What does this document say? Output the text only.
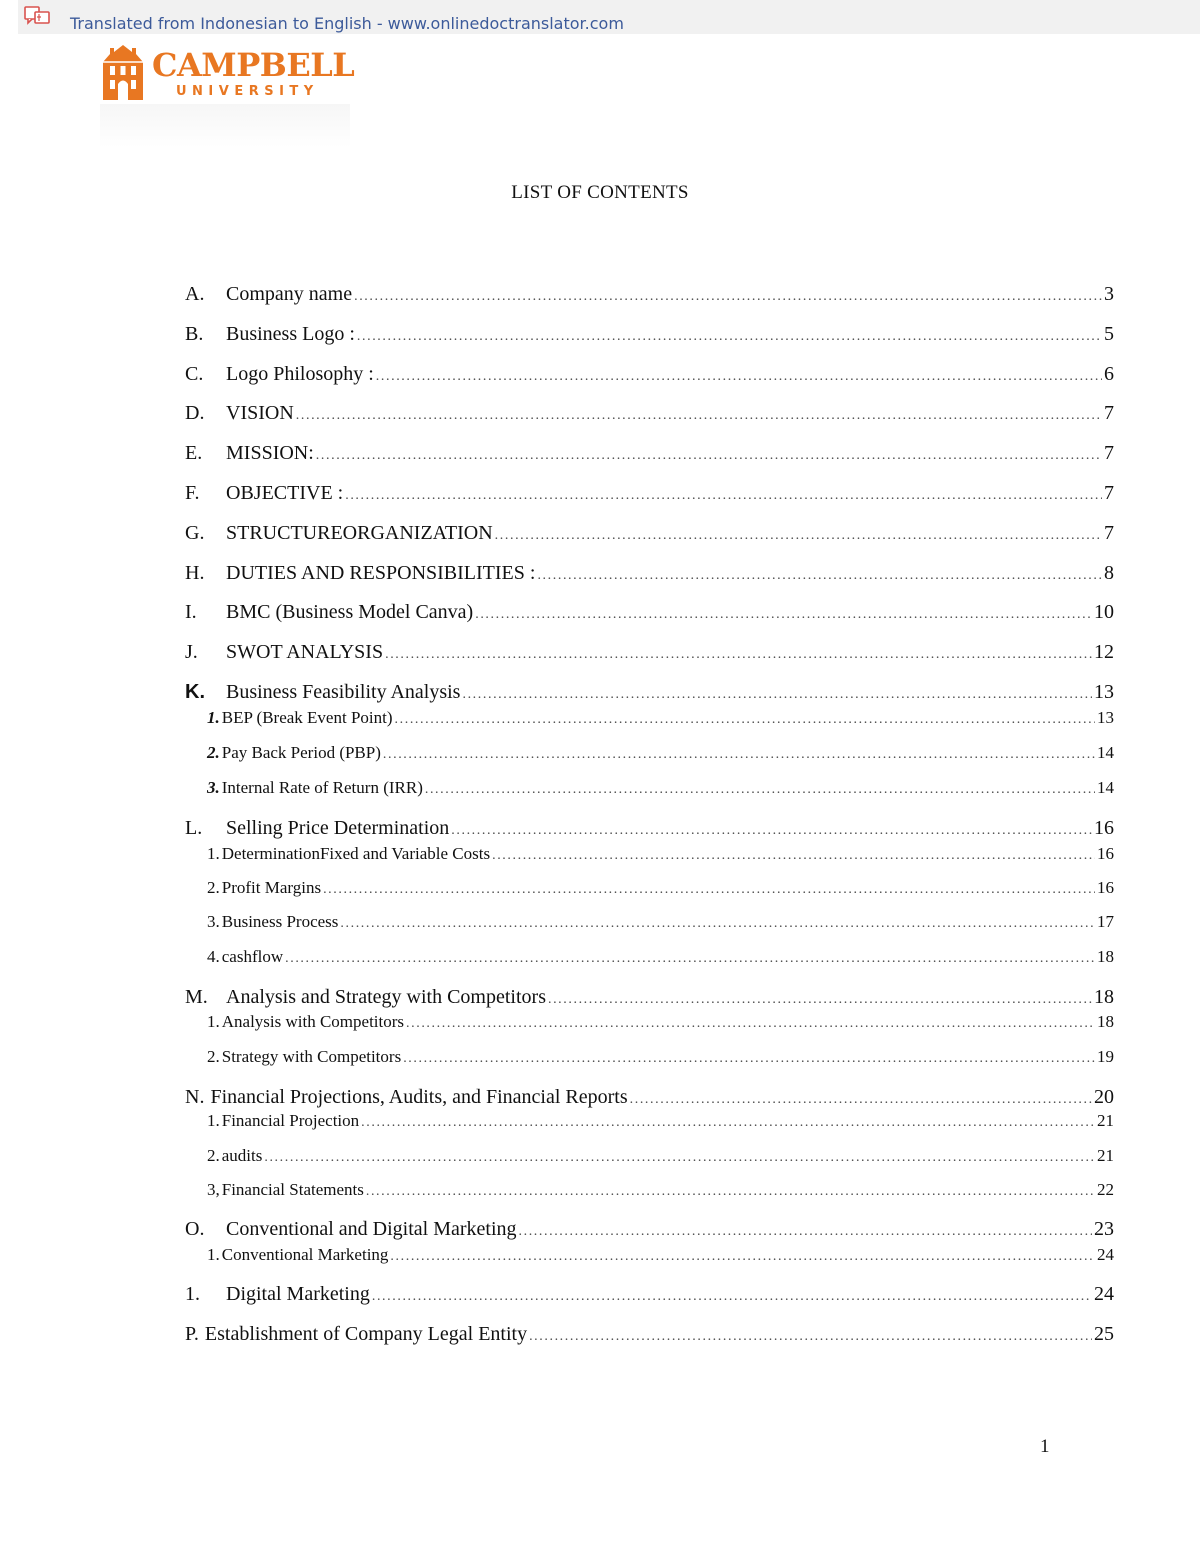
Translated from Indonesian to English - www.onlinedoctranslator.com
CAMPBELL
UNIVERSITY
LIST OF CONTENTS
A.	Company name .....	3
B.	Business Logo : .....	5
C.	Logo Philosophy : .....	6
D.	VISION .....	7
E.	MISSION: .....	7
F.	OBJECTIVE : .....	7
G.	STRUCTUREORGANIZATION .....	7
H.	DUTIES AND RESPONSIBILITIES : .....	8
I.	BMC (Business Model Canva) .....	10
J.	SWOT ANALYSIS .....	12
K.	Business Feasibility Analysis .....	13
1. BEP (Break Event Point) .....	13
2. Pay Back Period (PBP) .....	14
3. Internal Rate of Return (IRR) .....	14
L.	Selling Price Determination .....	16
1. DeterminationFixed and Variable Costs .....	16
2. Profit Margins .....	16
3. Business Process .....	17
4. cashflow .....	18
M. Analysis and Strategy with Competitors .....	18
1. Analysis with Competitors .....	18
2. Strategy with Competitors .....	19
N. Financial Projections, Audits, and Financial Reports .....	20
1. Financial Projection .....	21
2. audits .....	21
3, Financial Statements .....	22
O.	Conventional and Digital Marketing .....	23
1. Conventional Marketing .....	24
1.	Digital Marketing .....	24
P. Establishment of Company Legal Entity .....	25
1
